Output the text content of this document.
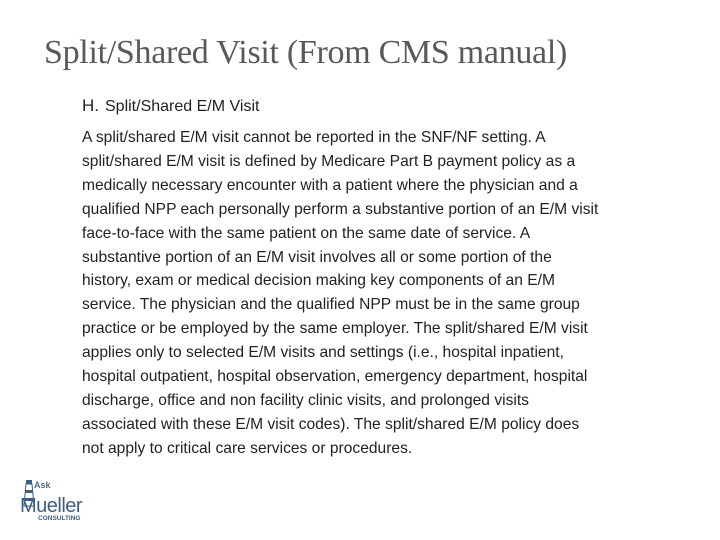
Split/Shared Visit (From CMS manual)
H. Split/Shared E/M Visit
A split/shared E/M visit cannot be reported in the SNF/NF setting. A
split/shared E/M visit is defined by Medicare Part B payment policy as a
medically necessary encounter with a patient where the physician and a
qualified NPP each personally perform a substantive portion of an E/M visit
face-to-face with the same patient on the same date of service. A
substantive portion of an E/M visit involves all or some portion of the
history, exam or medical decision making key components of an E/M
service. The physician and the qualified NPP must be in the same group
practice or be employed by the same employer. The split/shared E/M visit
applies only to selected E/M visits and settings (i.e., hospital inpatient,
hospital outpatient, hospital observation, emergency department, hospital
discharge, office and non facility clinic visits, and prolonged visits
associated with these E/M visit codes). The split/shared E/M policy does
not apply to critical care services or procedures.
Ask
Mueller
CONSULTING
